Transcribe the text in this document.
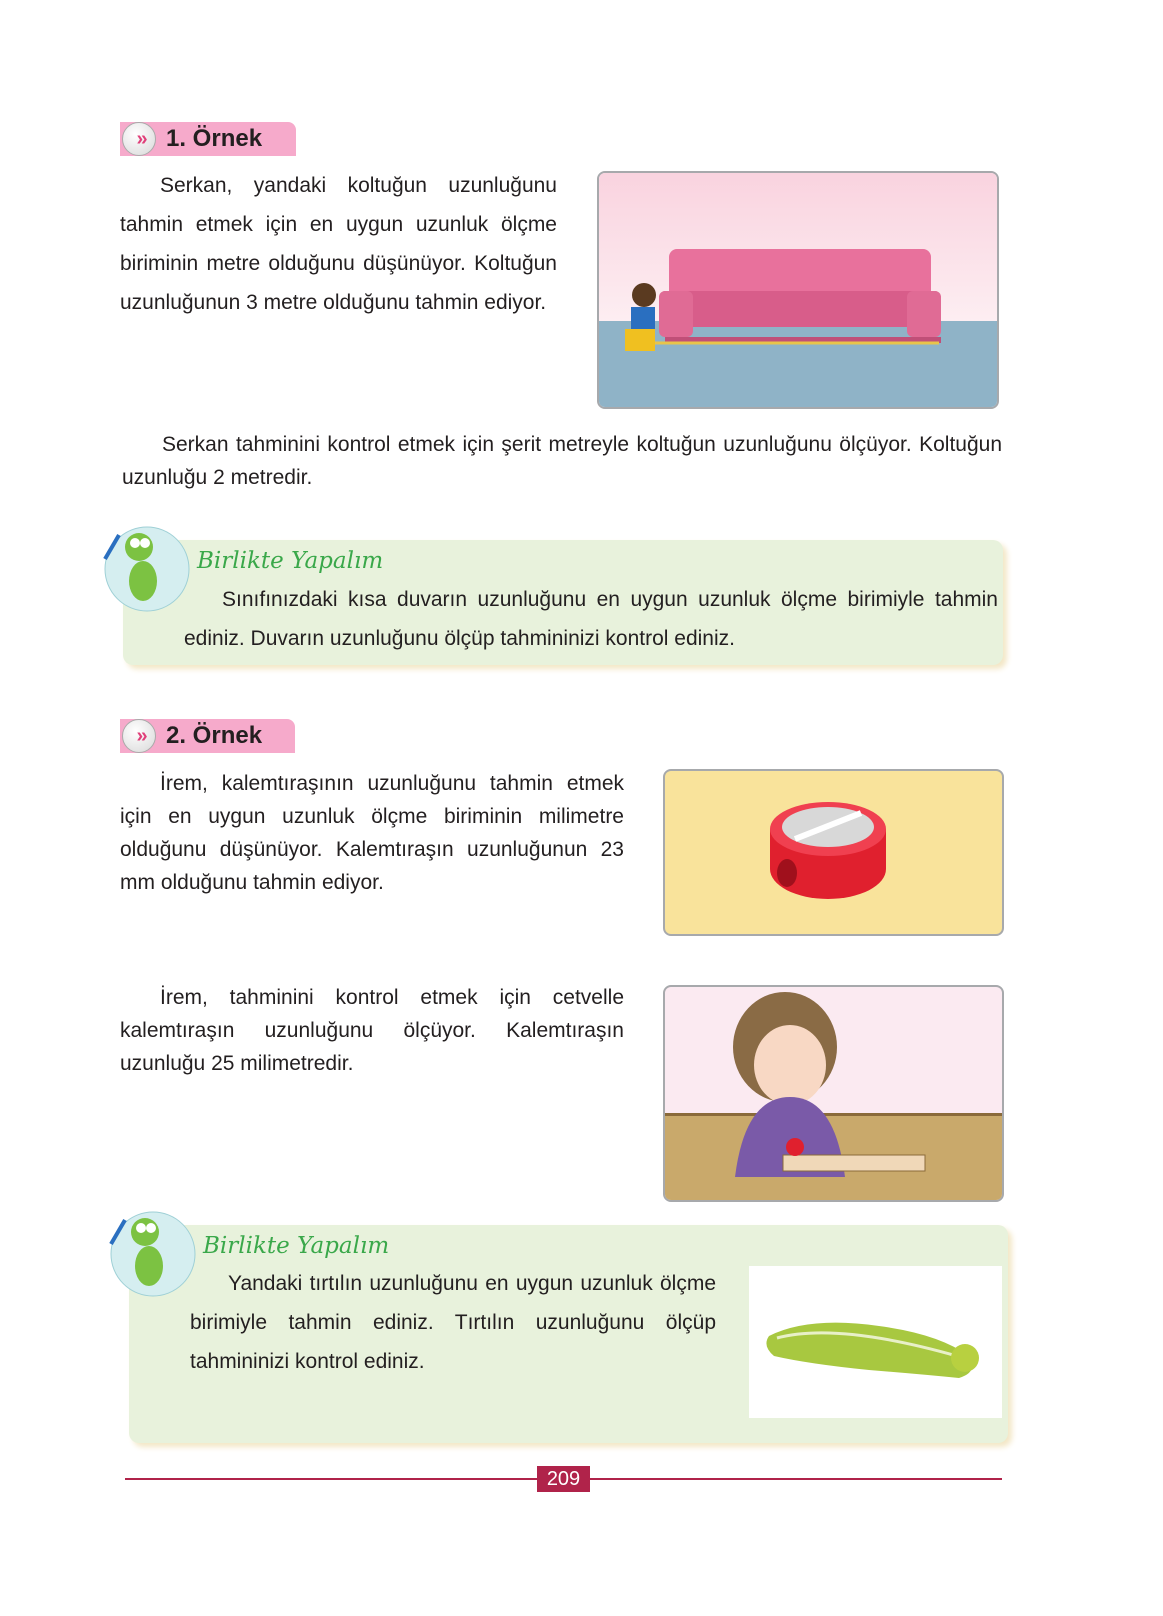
»	1. Örnek
Serkan, yandaki koltuğun uzunluğunu tahmin etmek için en uygun uzunluk ölçme biriminin metre olduğunu düşünüyor. Koltuğun uzunluğunun 3 metre olduğunu tahmin ediyor.
Serkan tahminini kontrol etmek için şerit metreyle koltuğun uzunluğunu ölçüyor. Koltuğun uzunluğu 2 metredir.
Birlikte Yapalım
Sınıfınızdaki kısa duvarın uzunluğunu en uygun uzunluk ölçme birimiyle tahmin ediniz. Duvarın uzunluğunu ölçüp tahmininizi kontrol ediniz.
»	2. Örnek
İrem, kalemtıraşının uzunluğunu tahmin etmek için en uygun uzunluk ölçme biriminin milimetre olduğunu düşünüyor. Kalemtıraşın uzunluğunun 23 mm olduğunu tahmin ediyor.
İrem, tahminini kontrol etmek için cetvelle kalemtıraşın uzunluğunu ölçüyor. Kalemtıraşın uzunluğu 25 milimetredir.
Birlikte Yapalım
Yandaki tırtılın uzunluğunu en uygun uzunluk ölçme birimiyle tahmin ediniz. Tırtılın uzunluğunu ölçüp tahmininizi kontrol ediniz.
209
